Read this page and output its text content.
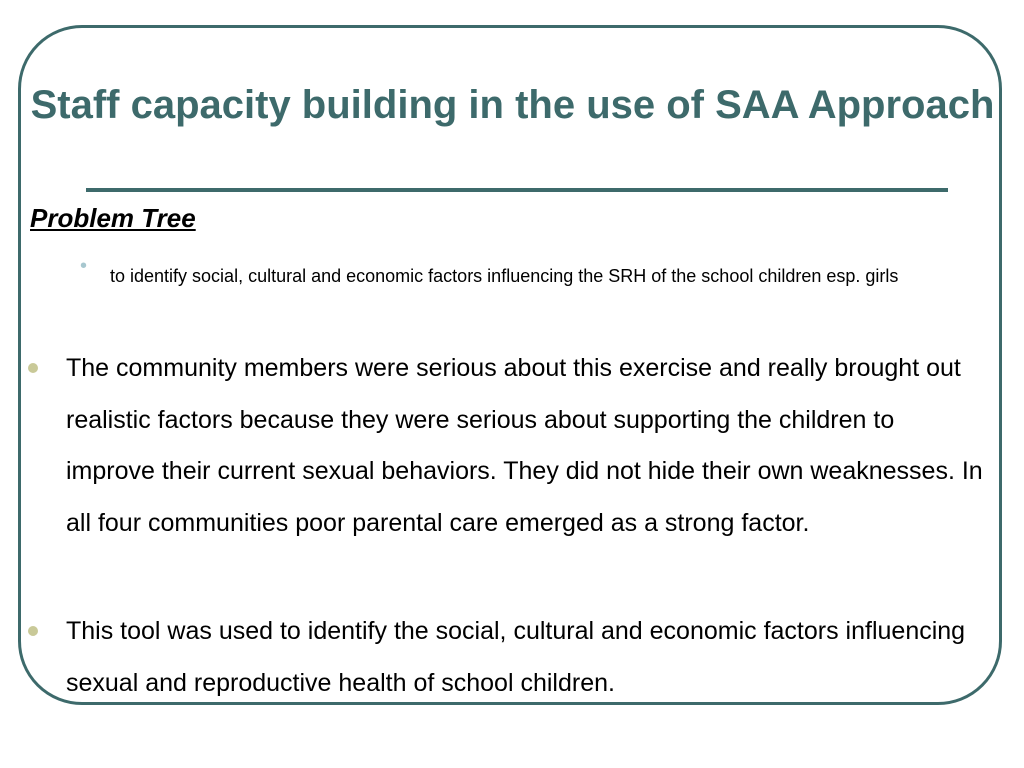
Staff capacity building in the use of SAA Approach
Problem Tree
• to identify social, cultural and economic factors influencing the SRH of the school children esp. girls
The community members were serious about this exercise and really brought out realistic factors because they were serious about supporting the children to improve their current sexual behaviors. They did not hide their own weaknesses. In all four communities poor parental care emerged as a strong factor.
This tool was used to identify the social, cultural and economic factors influencing sexual and reproductive health of school children.
